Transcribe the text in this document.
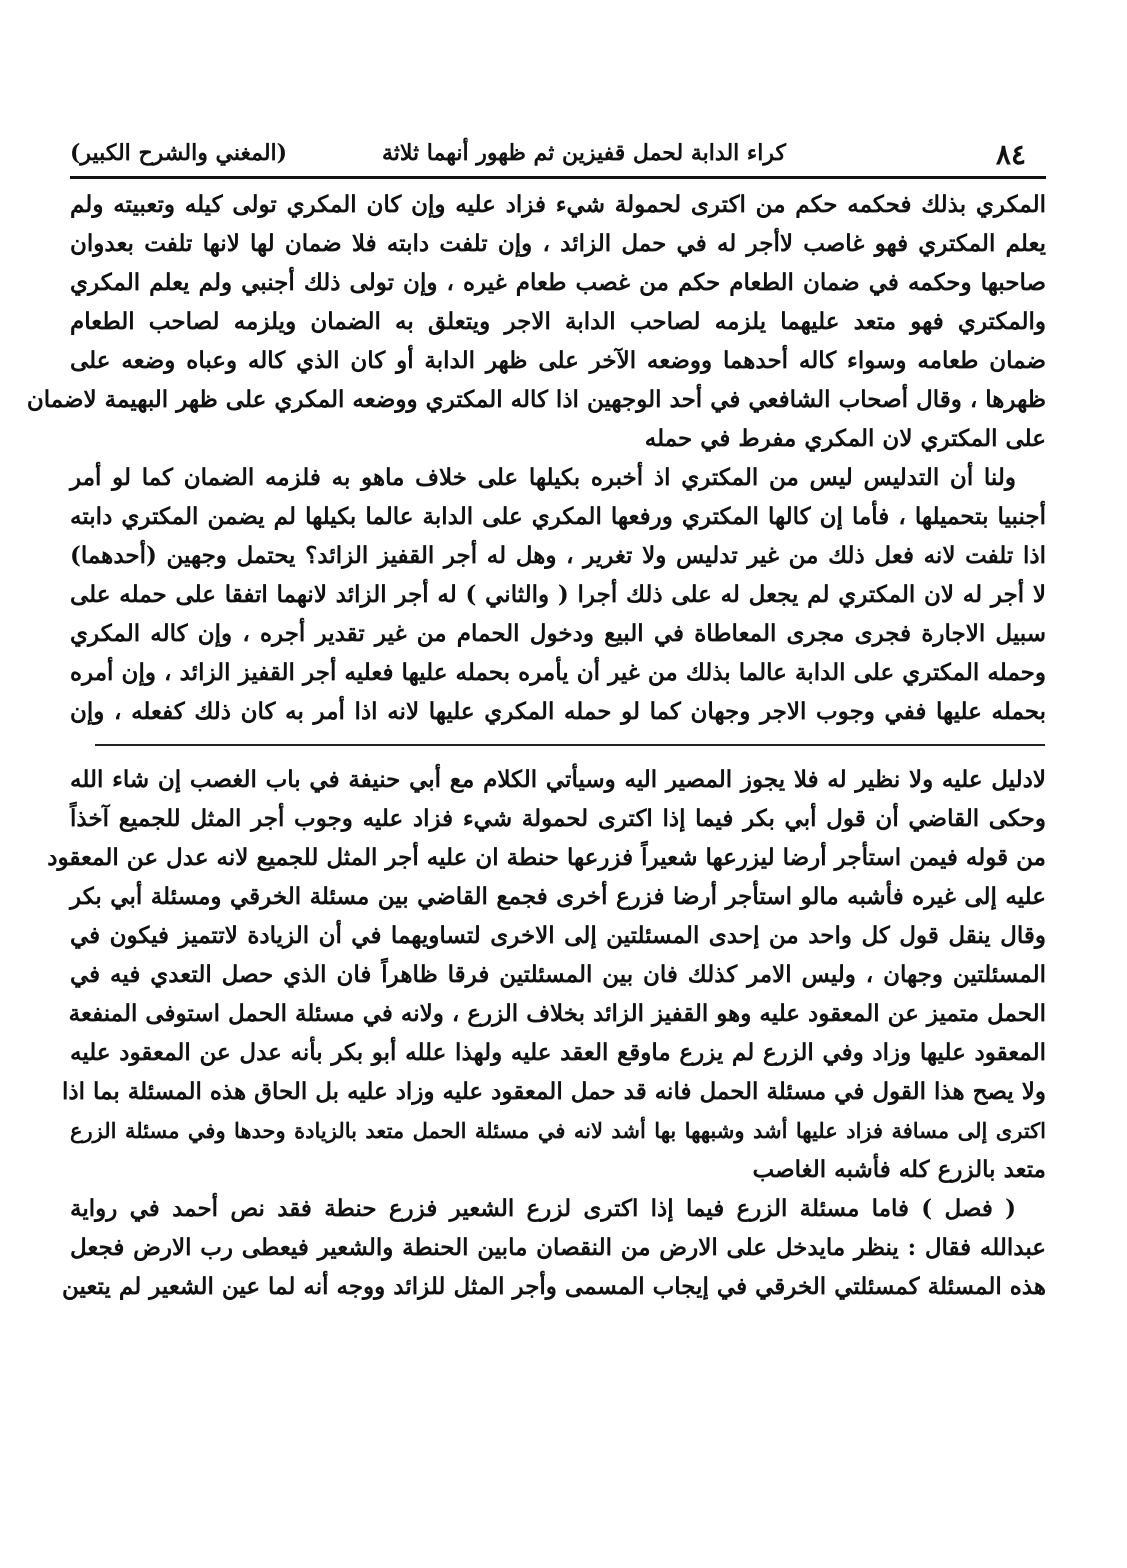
٨٤
كراء الدابة لحمل قفيزين ثم ظهور أنهما ثلاثة
(المغني والشرح الكبير)
المكري بذلك فحكمه حكم من اكترى لحمولة شيء فزاد عليه وإن كان المكري تولى كيله وتعبيته ولم
يعلم المكتري فهو غاصب لاأجر له في حمل الزائد ، وإن تلفت دابته فلا ضمان لها لانها تلفت بعدوان
صاحبها وحكمه في ضمان الطعام حكم من غصب طعام غيره ، وإن تولى ذلك أجنبي ولم يعلم المكري
والمكتري فهو متعد عليهما يلزمه لصاحب الدابة الاجر ويتعلق به الضمان ويلزمه لصاحب الطعام
ضمان طعامه وسواء كاله أحدهما ووضعه الآخر على ظهر الدابة أو كان الذي كاله وعباه وضعه على
ظهرها ، وقال أصحاب الشافعي في أحد الوجهين اذا كاله المكتري ووضعه المكري على ظهر البهيمة لاضمان
على المكتري لان المكري مفرط في حمله
ولنا أن التدليس ليس من المكتري اذ أخبره بكيلها على خلاف ماهو به فلزمه الضمان كما لو أمر
أجنبيا بتحميلها ، فأما إن كالها المكتري ورفعها المكري على الدابة عالما بكيلها لم يضمن المكتري دابته
اذا تلفت لانه فعل ذلك من غير تدليس ولا تغرير ، وهل له أجر القفيز الزائد؟ يحتمل وجهين (أحدهما)
لا أجر له لان المكتري لم يجعل له على ذلك أجرا ( والثاني ) له أجر الزائد لانهما اتفقا على حمله على
سبيل الاجارة فجرى مجرى المعاطاة في البيع ودخول الحمام من غير تقدير أجره ، وإن كاله المكري
وحمله المكتري على الدابة عالما بذلك من غير أن يأمره بحمله عليها فعليه أجر القفيز الزائد ، وإن أمره
بحمله عليها ففي وجوب الاجر وجهان كما لو حمله المكري عليها لانه اذا أمر به كان ذلك كفعله ، وإن
لادليل عليه ولا نظير له فلا يجوز المصير اليه وسيأتي الكلام مع أبي حنيفة في باب الغصب إن شاء الله
وحكى القاضي أن قول أبي بكر فيما إذا اكترى لحمولة شيء فزاد عليه وجوب أجر المثل للجميع آخذاً
من قوله فيمن استأجر أرضا ليزرعها شعيراً فزرعها حنطة ان عليه أجر المثل للجميع لانه عدل عن المعقود
عليه إلى غيره فأشبه مالو استأجر أرضا فزرع أخرى فجمع القاضي بين مسئلة الخرقي ومسئلة أبي بكر
وقال ينقل قول كل واحد من إحدى المسئلتين إلى الاخرى لتساويهما في أن الزيادة لاتتميز فيكون في
المسئلتين وجهان ، وليس الامر كذلك فان بين المسئلتين فرقا ظاهراً فان الذي حصل التعدي فيه في
الحمل متميز عن المعقود عليه وهو القفيز الزائد بخلاف الزرع ، ولانه في مسئلة الحمل استوفى المنفعة
المعقود عليها وزاد وفي الزرع لم يزرع ماوقع العقد عليه ولهذا علله أبو بكر بأنه عدل عن المعقود عليه
ولا يصح هذا القول في مسئلة الحمل فانه قد حمل المعقود عليه وزاد عليه بل الحاق هذه المسئلة بما اذا
اكترى إلى مسافة فزاد عليها أشد وشبهها بها أشد لانه في مسئلة الحمل متعد بالزيادة وحدها وفي مسئلة الزرع
متعد بالزرع كله فأشبه الغاصب
( فصل ) فاما مسئلة الزرع فيما إذا اكترى لزرع الشعير فزرع حنطة فقد نص أحمد في رواية
عبدالله فقال : ينظر مايدخل على الارض من النقصان مابين الحنطة والشعير فيعطى رب الارض فجعل
هذه المسئلة كمسئلتي الخرقي في إيجاب المسمى وأجر المثل للزائد ووجه أنه لما عين الشعير لم يتعين
